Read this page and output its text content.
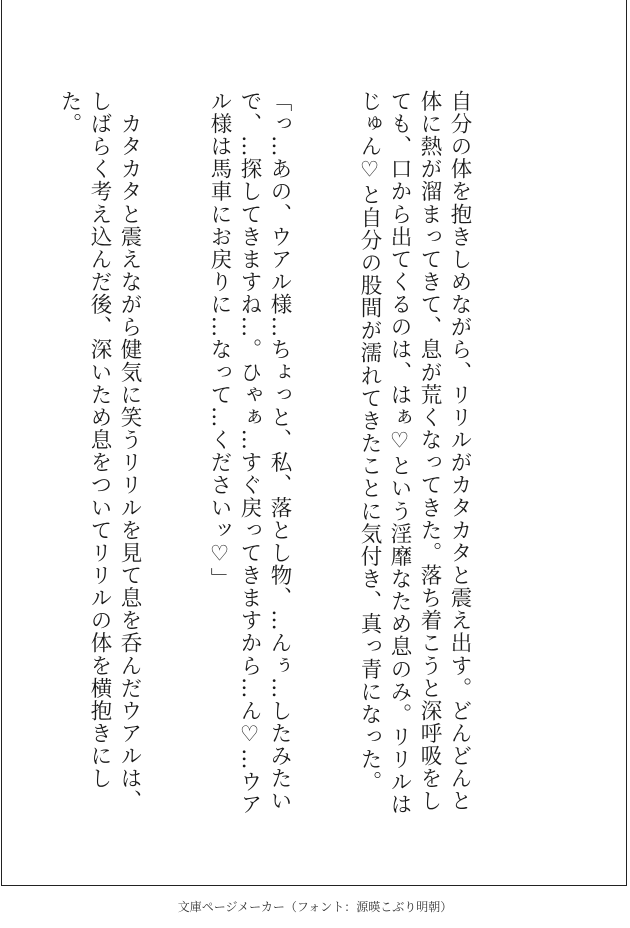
自分の体を抱きしめながら、リリルがカタカタと震え出す。どんどんと体に熱が溜まってきて、息が荒くなってきた。落ち着こうと深呼吸をしても、口から出てくるのは、はぁ♡という淫靡なため息のみ。リリルはじゅん♡と自分の股間が濡れてきたことに気付き、真っ青になった。

「っ…あの、ウアル様…ちょっと、私、落とし物、…んぅ…したみたいで、…探してきますね…。ひゃぁ…すぐ戻ってきますから…ん♡…ウアル様は馬車にお戻りに…なって…くださいッ♡」

　カタカタと震えながら健気に笑うリリルを見て息を呑んだウアルは、しばらく考え込んだ後、深いため息をついてリリルの体を横抱きにした。

文庫ページメーカー（フォント：源暎こぶり明朝）
